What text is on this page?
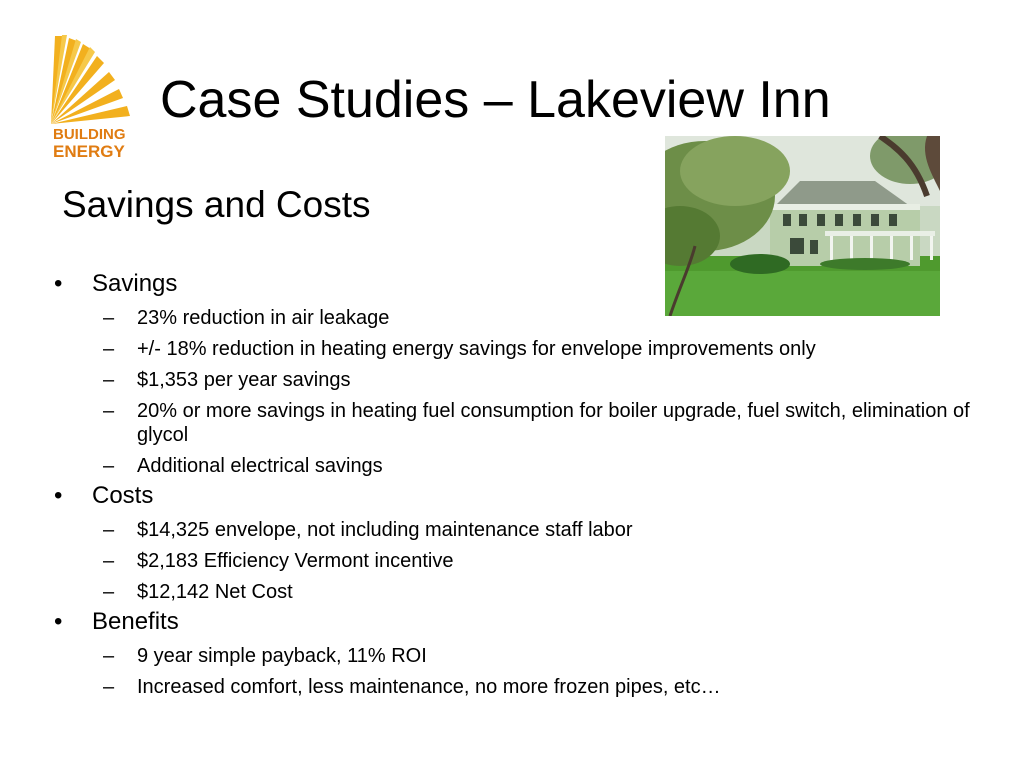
BUILDING
ENERGY
Case Studies – Lakeview Inn
Savings and Costs
• Savings
– 23% reduction in air leakage
– +/- 18% reduction in heating energy savings for envelope improvements only
– $1,353 per year savings
– 20% or more savings in heating fuel consumption for boiler upgrade, fuel switch, elimination of glycol
– Additional electrical savings
• Costs
– $14,325 envelope, not including maintenance staff labor
– $2,183 Efficiency Vermont incentive
– $12,142 Net Cost
• Benefits
– 9 year simple payback, 11% ROI
– Increased comfort, less maintenance, no more frozen pipes, etc…
